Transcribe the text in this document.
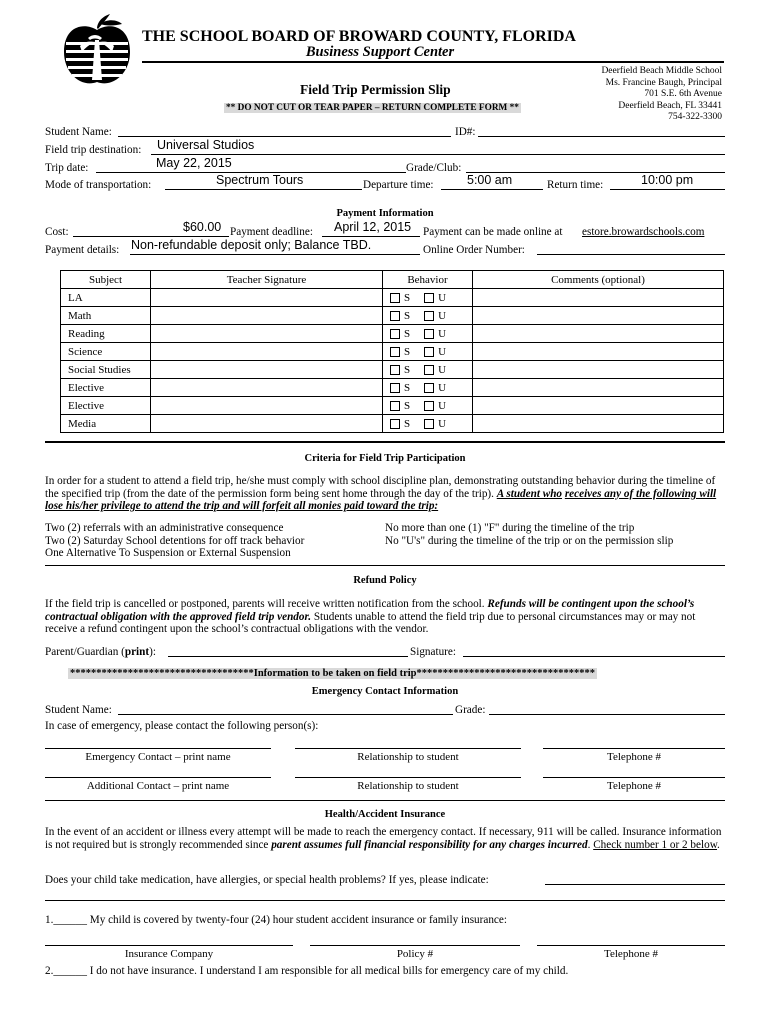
THE SCHOOL BOARD OF BROWARD COUNTY, FLORIDA
Business Support Center
Deerfield Beach Middle School
Ms. Francine Baugh, Principal
701 S.E. 6th Avenue
Deerfield Beach, FL 33441
754-322-3300
Field Trip Permission Slip
** DO NOT CUT OR TEAR PAPER – RETURN COMPLETE FORM **
Student Name:	ID#:
Field trip destination: Universal Studios
Trip date:	May 22, 2015	Grade/Club:
Mode of transportation:	Spectrum Tours	Departure time:	5:00 am	Return time:	10:00 pm
Payment Information
Cost:	$60.00 Payment deadline: April 12, 2015 Payment can be made online at estore.browardschools.com
Payment details: Non-refundable deposit only; Balance TBD.	Online Order Number:
Subject	Teacher Signature	Behavior	Comments (optional)
LA		S U	
Math		S U	
Reading		S U	
Science		S U	
Social Studies		S U	
Elective		S U	
Elective		S U	
Media		S U	
Criteria for Field Trip Participation
In order for a student to attend a field trip, he/she must comply with school discipline plan, demonstrating outstanding behavior during the timeline of the specified trip (from the date of the permission form being sent home through the day of the trip). A student who receives any of the following will lose his/her privilege to attend the trip and will forfeit all monies paid toward the trip:
Two (2) referrals with an administrative consequence
Two (2) Saturday School detentions for off track behavior
One Alternative To Suspension or External Suspension
No more than one (1) "F" during the timeline of the trip
No "U's" during the timeline of the trip or on the permission slip
Refund Policy
If the field trip is cancelled or postponed, parents will receive written notification from the school. Refunds will be contingent upon the school’s contractual obligation with the approved field trip vendor. Students unable to attend the field trip due to personal circumstances may or may not receive a refund contingent upon the school’s contractual obligations with the vendor.
Parent/Guardian (print):	Signature:
***********************************Information to be taken on field trip**********************************
Emergency Contact Information
Student Name:	Grade:
In case of emergency, please contact the following person(s):
Emergency Contact – print name	Relationship to student	Telephone #
Additional Contact – print name	Relationship to student	Telephone #
Health/Accident Insurance
In the event of an accident or illness every attempt will be made to reach the emergency contact. If necessary, 911 will be called. Insurance information is not required but is strongly recommended since parent assumes full financial responsibility for any charges incurred. Check number 1 or 2 below.
Does your child take medication, have allergies, or special health problems? If yes, please indicate:
1.______ My child is covered by twenty-four (24) hour student accident insurance or family insurance:
Insurance Company	Policy #	Telephone #
2.______ I do not have insurance. I understand I am responsible for all medical bills for emergency care of my child.
